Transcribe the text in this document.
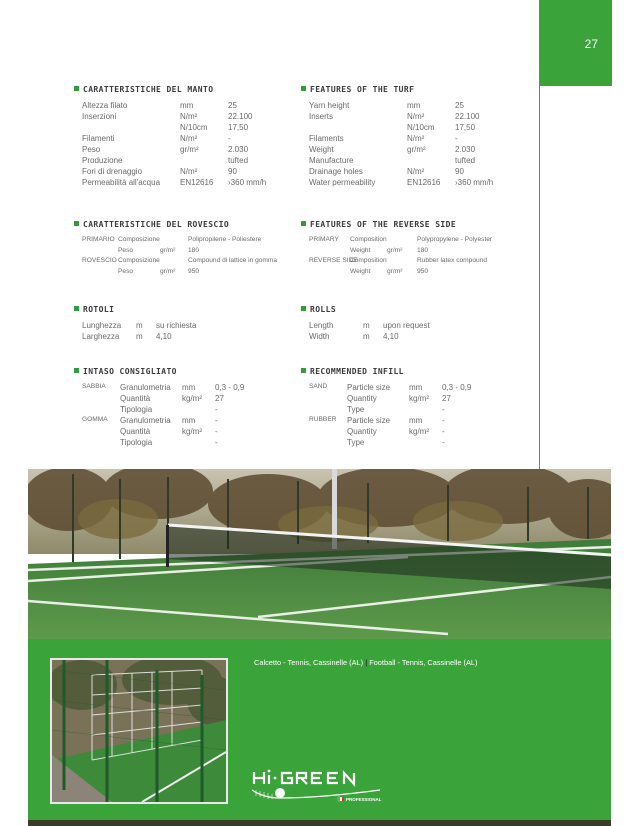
27
CARATTERISTICHE DEL MANTO
Altezza filato	mm	25
Inserzioni	N/m²	22.100
N/10cm	17,50
Filamenti	N/m²	-
Peso	gr/m²	2.030
Produzione	tufted
Fori di drenaggio	N/m²	90
Permeabilità all'acqua EN12616 ›360 mm/h
FEATURES OF THE TURF
Yarn height	mm	25
Inserts	N/m²	22.100
N/10cm	17,50
Filaments	N/m²	-
Weight	gr/m²	2.030
Manufacture	tufted
Drainage holes	N/m²	90
Water permeability	EN12616 ›360 mm/h
CARATTERISTICHE DEL ROVESCIO
PRIMARIO Composizione	Polipropilene - Poliestere
Peso	gr/m² 180
ROVESCIO Composizione	Compound di lattice in gomma
Peso	gr/m² 950
FEATURES OF THE REVERSE SIDE
PRIMARY Composition	Polypropylene - Polyester
Weight	gr/m² 180
REVERSE SIDE
Composition	Rubber latex compound
Weight	gr/m² 950
ROTOLI
Lunghezza m su richiesta
Larghezza m 4,10
ROLLS
Length	m upon request
Width	m 4,10
INTASO CONSIGLIATO
SABBIA Granulometria mm 0,3 - 0,9
Quantità	kg/m² 27
Tipologia	-
GOMMA Granulometria mm -
Quantità	kg/m² -
Tipologia	-
RECOMMENDED INFILL
SAND Particle size mm 0,3 - 0,9
Quantity	kg/m² 27
Type	-
RUBBER Particle size mm -
Quantity	kg/m² -
Type	-
Calcetto - Tennis, Cassinelle (AL) | Football - Tennis, Cassinelle (AL)
PROFESSIONAL
